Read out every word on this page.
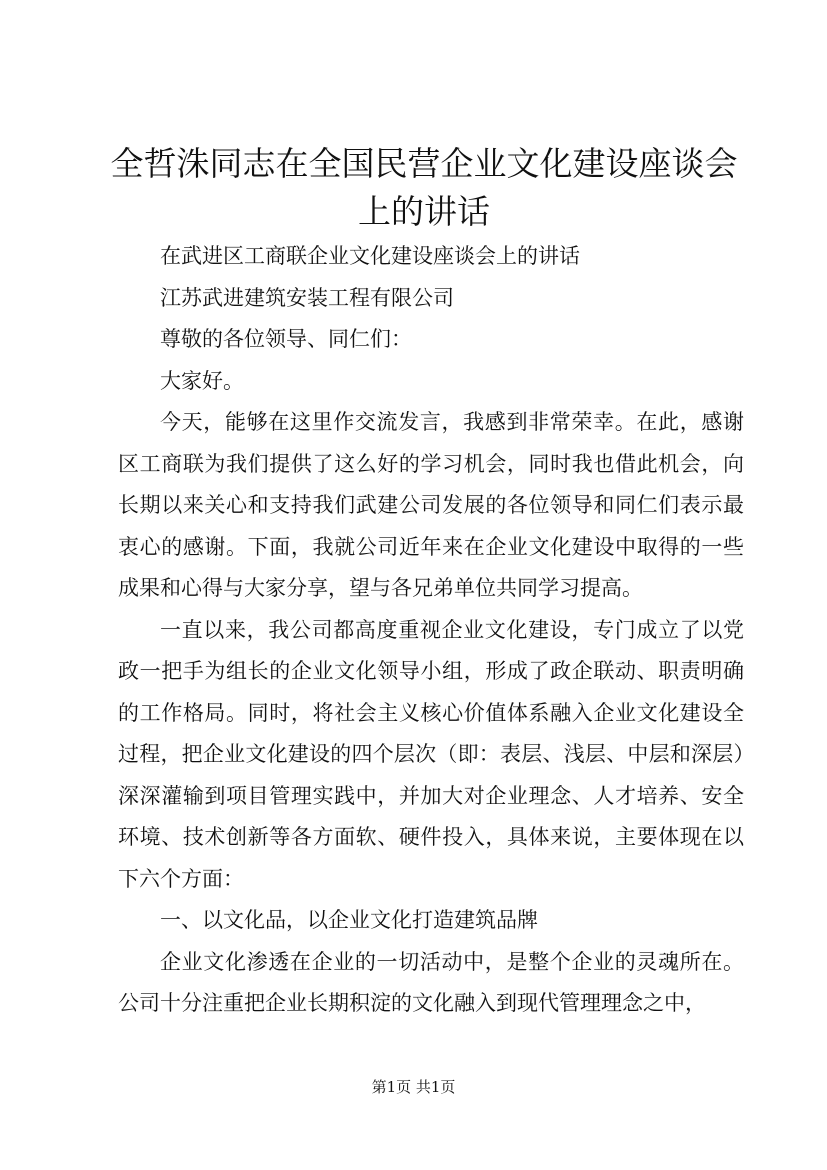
全哲洙同志在全国民营企业文化建设座谈会上的讲话

在武进区工商联企业文化建设座谈会上的讲话

江苏武进建筑安装工程有限公司

尊敬的各位领导、同仁们：

大家好。

今天，能够在这里作交流发言，我感到非常荣幸。在此，感谢区工商联为我们提供了这么好的学习机会，同时我也借此机会，向长期以来关心和支持我们武建公司发展的各位领导和同仁们表示最衷心的感谢。下面，我就公司近年来在企业文化建设中取得的一些成果和心得与大家分享，望与各兄弟单位共同学习提高。

一直以来，我公司都高度重视企业文化建设，专门成立了以党政一把手为组长的企业文化领导小组，形成了政企联动、职责明确的工作格局。同时，将社会主义核心价值体系融入企业文化建设全过程，把企业文化建设的四个层次（即：表层、浅层、中层和深层）深深灌输到项目管理实践中，并加大对企业理念、人才培养、安全环境、技术创新等各方面软、硬件投入，具体来说，主要体现在以下六个方面：

一、以文化品，以企业文化打造建筑品牌

企业文化渗透在企业的一切活动中，是整个企业的灵魂所在。公司十分注重把企业长期积淀的文化融入到现代管理理念之中，

第1页 共1页
